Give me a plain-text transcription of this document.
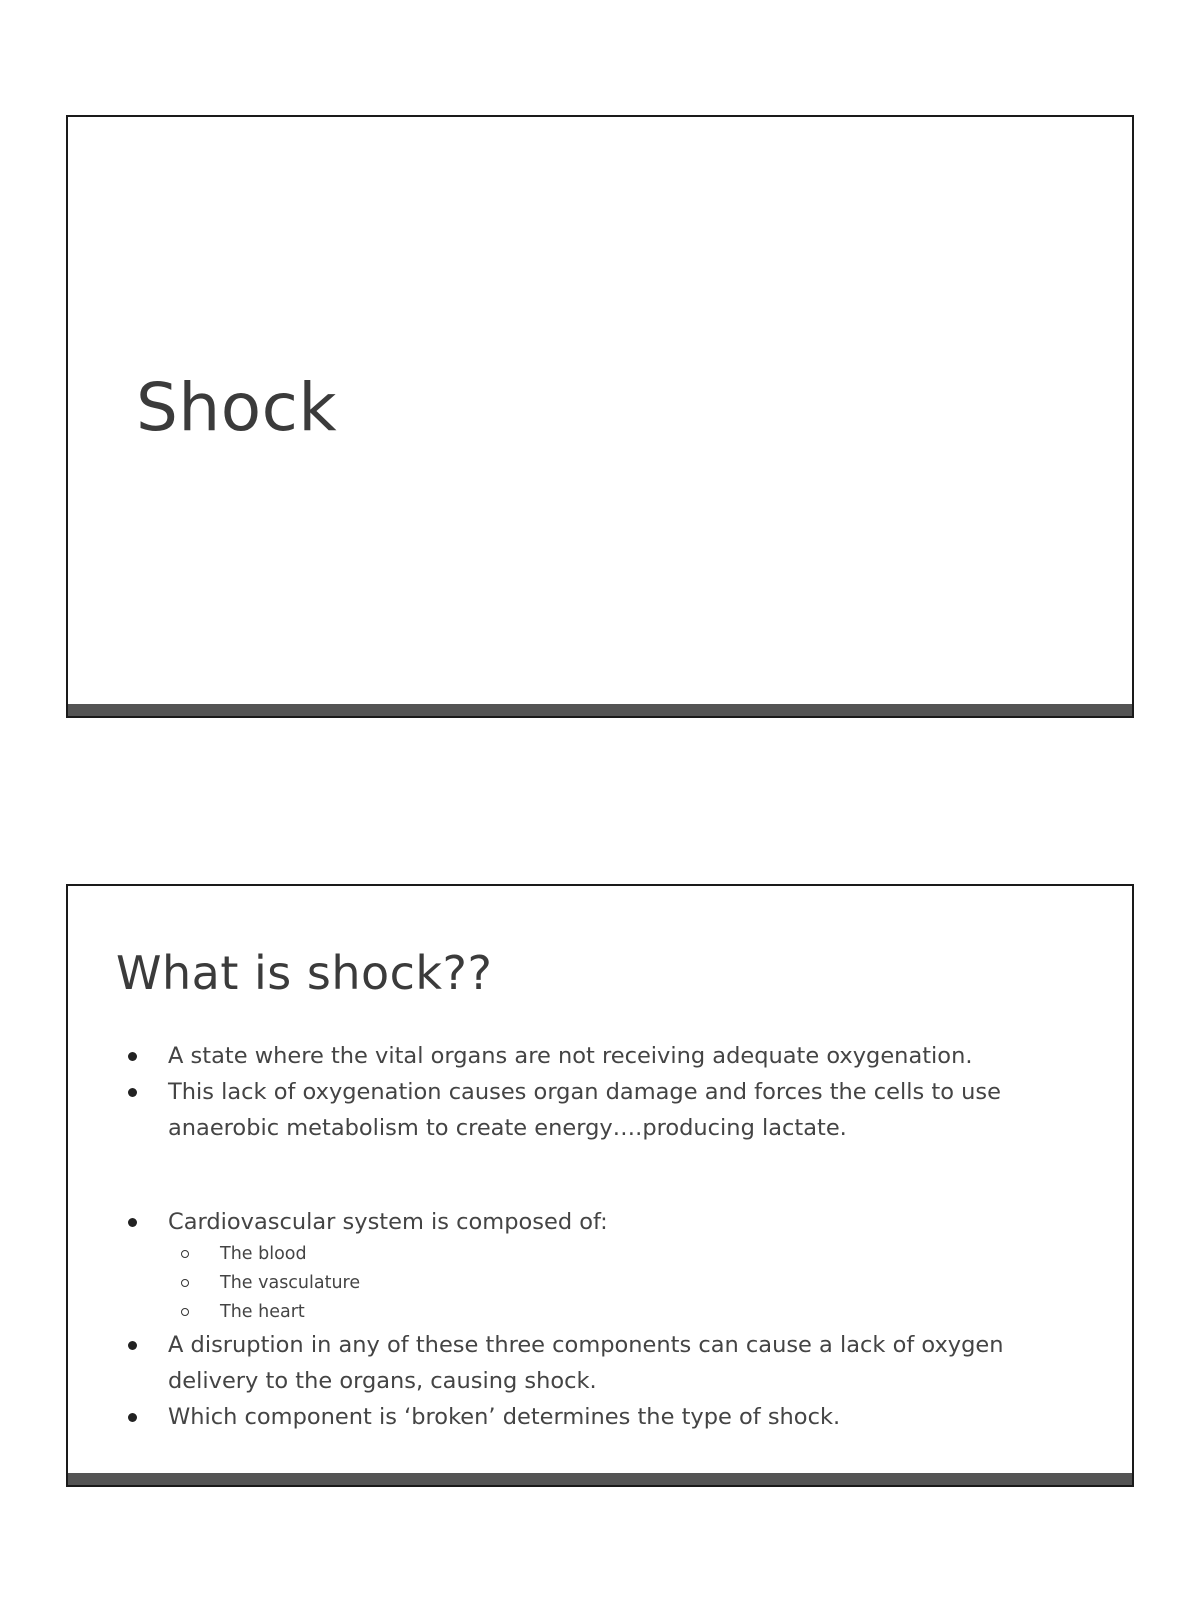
Shock
What is shock??
A state where the vital organs are not receiving adequate oxygenation.
This lack of oxygenation causes organ damage and forces the cells to use anaerobic metabolism to create energy….producing lactate.
Cardiovascular system is composed of:
The blood
The vasculature
The heart
A disruption in any of these three components can cause a lack of oxygen delivery to the organs, causing shock.
Which component is ‘broken’ determines the type of shock.
